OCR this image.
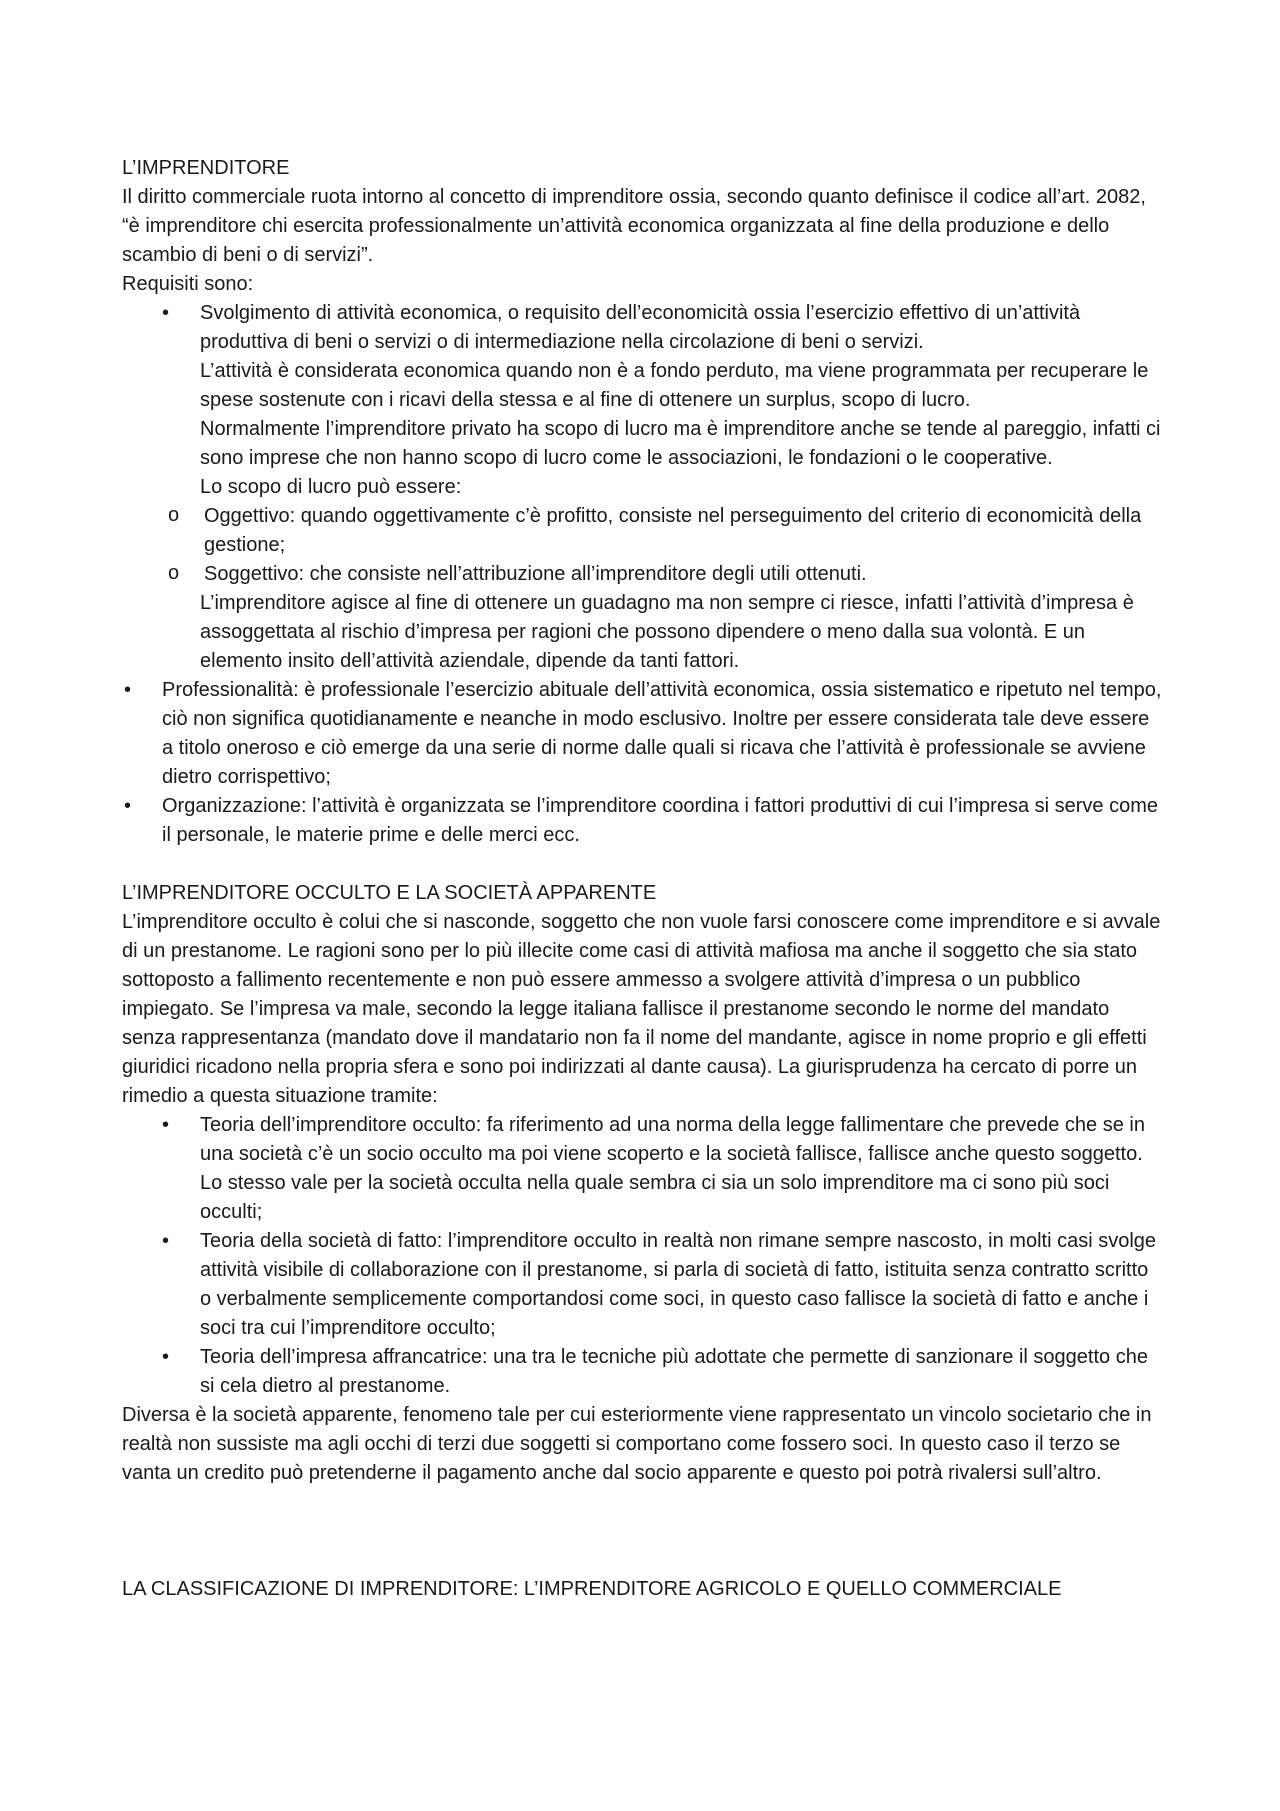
L’IMPRENDITORE

Il diritto commerciale ruota intorno al concetto di imprenditore ossia, secondo quanto definisce il codice all’art. 2082, “è imprenditore chi esercita professionalmente un’attività economica organizzata al fine della produzione e dello scambio di beni o di servizi”.

Requisiti sono:

• Svolgimento di attività economica, o requisito dell’economicità ossia l’esercizio effettivo di un’attività produttiva di beni o servizi o di intermediazione nella circolazione di beni o servizi.

L’attività è considerata economica quando non è a fondo perduto, ma viene programmata per recuperare le spese sostenute con i ricavi della stessa e al fine di ottenere un surplus, scopo di lucro.

Normalmente l’imprenditore privato ha scopo di lucro ma è imprenditore anche se tende al pareggio, infatti ci sono imprese che non hanno scopo di lucro come le associazioni, le fondazioni o le cooperative.

Lo scopo di lucro può essere:

o Oggettivo: quando oggettivamente c’è profitto, consiste nel perseguimento del criterio di economicità della gestione;
o Soggettivo: che consiste nell’attribuzione all’imprenditore degli utili ottenuti.

L’imprenditore agisce al fine di ottenere un guadagno ma non sempre ci riesce, infatti l’attività d’impresa è assoggettata al rischio d’impresa per ragioni che possono dipendere o meno dalla sua volontà. E un elemento insito dell’attività aziendale, dipende da tanti fattori.

• Professionalità: è professionale l’esercizio abituale dell’attività economica, ossia sistematico e ripetuto nel tempo, ciò non significa quotidianamente e neanche in modo esclusivo. Inoltre per essere considerata tale deve essere a titolo oneroso e ciò emerge da una serie di norme dalle quali si ricava che l’attività è professionale se avviene dietro corrispettivo;
• Organizzazione: l’attività è organizzata se l’imprenditore coordina i fattori produttivi di cui l’impresa si serve come il personale, le materie prime e delle merci ecc.

L’IMPRENDITORE OCCULTO E LA SOCIETÀ APPARENTE

L’imprenditore occulto è colui che si nasconde, soggetto che non vuole farsi conoscere come imprenditore e si avvale di un prestanome. Le ragioni sono per lo più illecite come casi di attività mafiosa ma anche il soggetto che sia stato sottoposto a fallimento recentemente e non può essere ammesso a svolgere attività d’impresa o un pubblico impiegato. Se l’impresa va male, secondo la legge italiana fallisce il prestanome secondo le norme del mandato senza rappresentanza (mandato dove il mandatario non fa il nome del mandante, agisce in nome proprio e gli effetti giuridici ricadono nella propria sfera e sono poi indirizzati al dante causa). La giurisprudenza ha cercato di porre un rimedio a questa situazione tramite:

• Teoria dell’imprenditore occulto: fa riferimento ad una norma della legge fallimentare che prevede che se in una società c’è un socio occulto ma poi viene scoperto e la società fallisce, fallisce anche questo soggetto. Lo stesso vale per la società occulta nella quale sembra ci sia un solo imprenditore ma ci sono più soci occulti;
• Teoria della società di fatto: l’imprenditore occulto in realtà non rimane sempre nascosto, in molti casi svolge attività visibile di collaborazione con il prestanome, si parla di società di fatto, istituita senza contratto scritto o verbalmente semplicemente comportandosi come soci, in questo caso fallisce la società di fatto e anche i soci tra cui l’imprenditore occulto;
• Teoria dell’impresa affrancatrice: una tra le tecniche più adottate che permette di sanzionare il soggetto che si cela dietro al prestanome.

Diversa è la società apparente, fenomeno tale per cui esteriormente viene rappresentato un vincolo societario che in realtà non sussiste ma agli occhi di terzi due soggetti si comportano come fossero soci. In questo caso il terzo se vanta un credito può pretenderne il pagamento anche dal socio apparente e questo poi potrà rivalersi sull’altro.

LA CLASSIFICAZIONE DI IMPRENDITORE: L’IMPRENDITORE AGRICOLO E QUELLO COMMERCIALE
